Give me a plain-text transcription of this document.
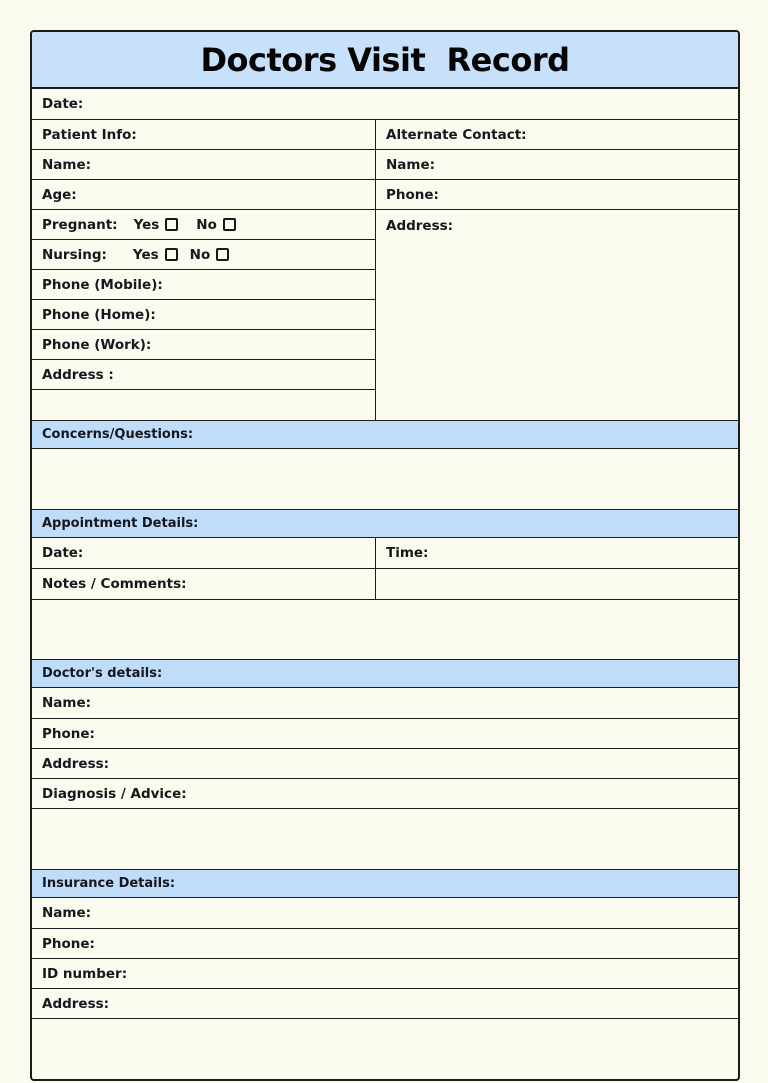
Doctors Visit  Record
Date:
Patient Info:
Name:
Age:
Pregnant: Yes	No
Nursing: Yes No
Phone (Mobile):
Phone (Home):
Phone (Work):
Address :
Alternate Contact:
Name:
Phone:
Address:
Concerns/Questions:
Appointment Details:
Date:	Time:
Notes / Comments:
Doctor's details:
Name:
Phone:
Address:
Diagnosis / Advice:
Insurance Details:
Name:
Phone:
ID number:
Address:
